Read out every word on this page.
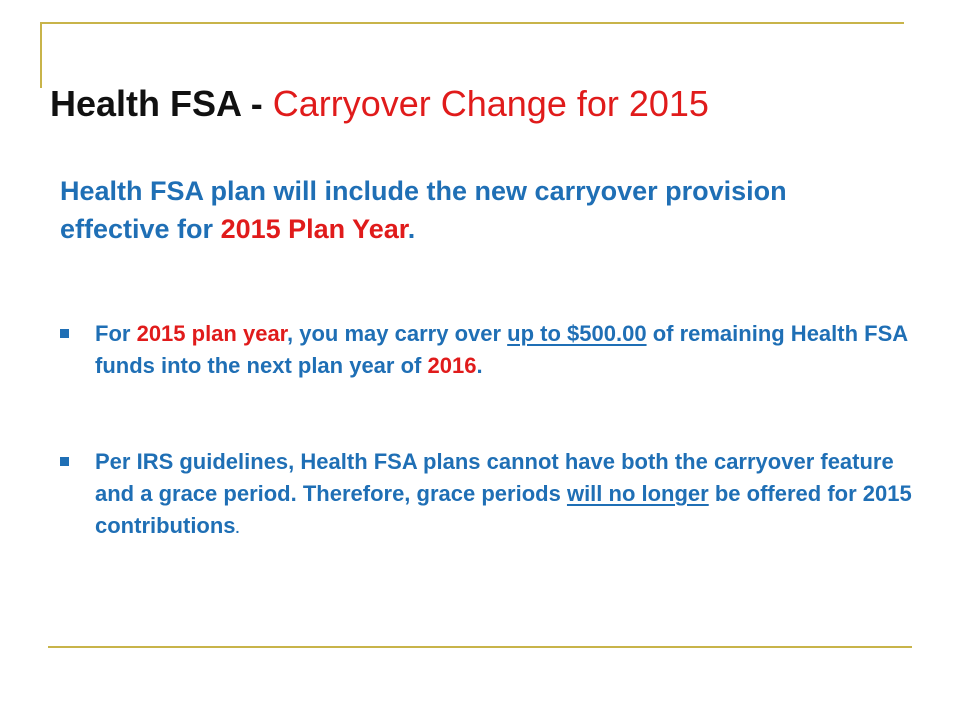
Health FSA - Carryover Change for 2015
Health FSA plan will include the new carryover provision effective for 2015 Plan Year.
For 2015 plan year, you may carry over up to $500.00 of remaining Health FSA funds into the next plan year of 2016.
Per IRS guidelines, Health FSA plans cannot have both the carryover feature and a grace period. Therefore, grace periods will no longer be offered for 2015 contributions.
